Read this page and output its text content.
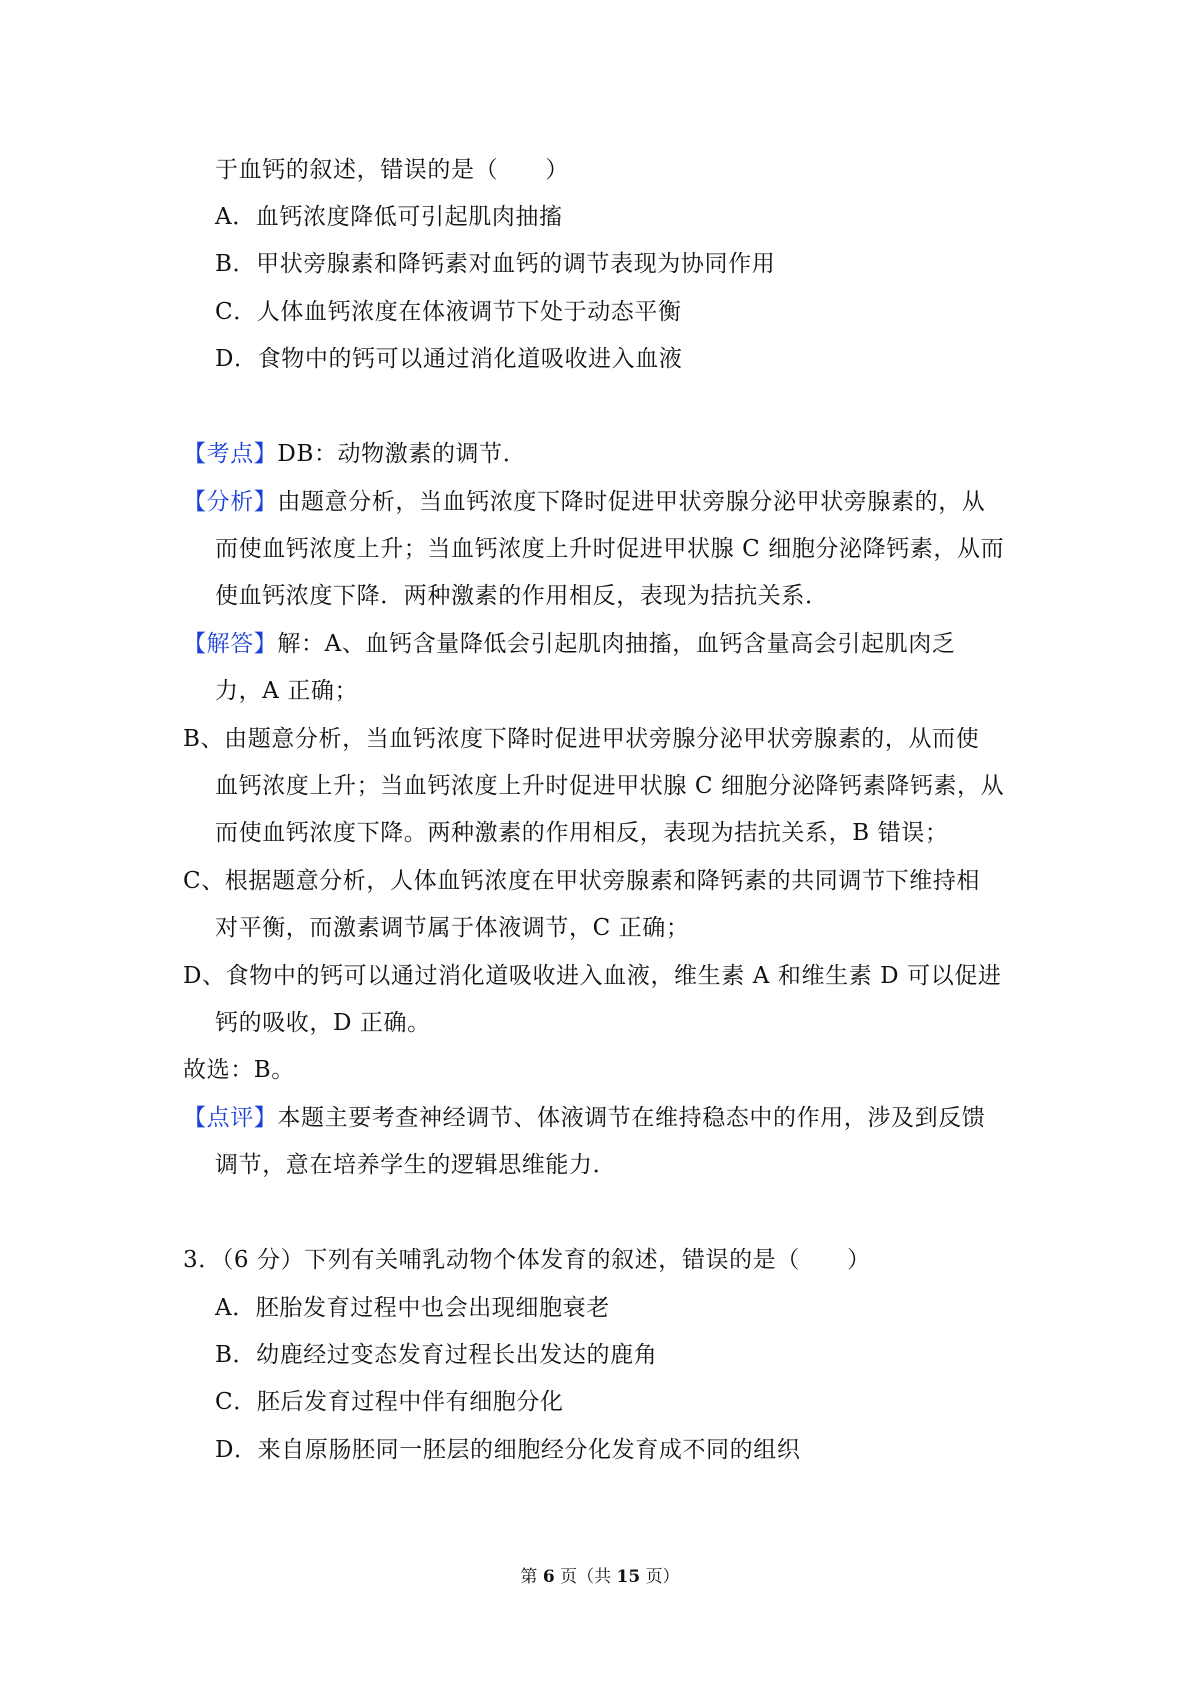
于血钙的叙述，错误的是（　　）
A．血钙浓度降低可引起肌肉抽搐
B．甲状旁腺素和降钙素对血钙的调节表现为协同作用
C．人体血钙浓度在体液调节下处于动态平衡
D．食物中的钙可以通过消化道吸收进入血液
【考点】DB：动物激素的调节．
【分析】由题意分析，当血钙浓度下降时促进甲状旁腺分泌甲状旁腺素的，从
而使血钙浓度上升；当血钙浓度上升时促进甲状腺 C 细胞分泌降钙素，从而
使血钙浓度下降．两种激素的作用相反，表现为拮抗关系．
【解答】解：A、血钙含量降低会引起肌肉抽搐，血钙含量高会引起肌肉乏
力，A 正确；
B、由题意分析，当血钙浓度下降时促进甲状旁腺分泌甲状旁腺素的，从而使
血钙浓度上升；当血钙浓度上升时促进甲状腺 C 细胞分泌降钙素降钙素，从
而使血钙浓度下降。两种激素的作用相反，表现为拮抗关系，B 错误；
C、根据题意分析，人体血钙浓度在甲状旁腺素和降钙素的共同调节下维持相
对平衡，而激素调节属于体液调节，C 正确；
D、食物中的钙可以通过消化道吸收进入血液，维生素 A 和维生素 D 可以促进
钙的吸收，D 正确。
故选：B。
【点评】本题主要考查神经调节、体液调节在维持稳态中的作用，涉及到反馈
调节，意在培养学生的逻辑思维能力．
3．（6 分）下列有关哺乳动物个体发育的叙述，错误的是（　　）
A．胚胎发育过程中也会出现细胞衰老
B．幼鹿经过变态发育过程长出发达的鹿角
C．胚后发育过程中伴有细胞分化
D．来自原肠胚同一胚层的细胞经分化发育成不同的组织
第 6 页（共 15 页）
